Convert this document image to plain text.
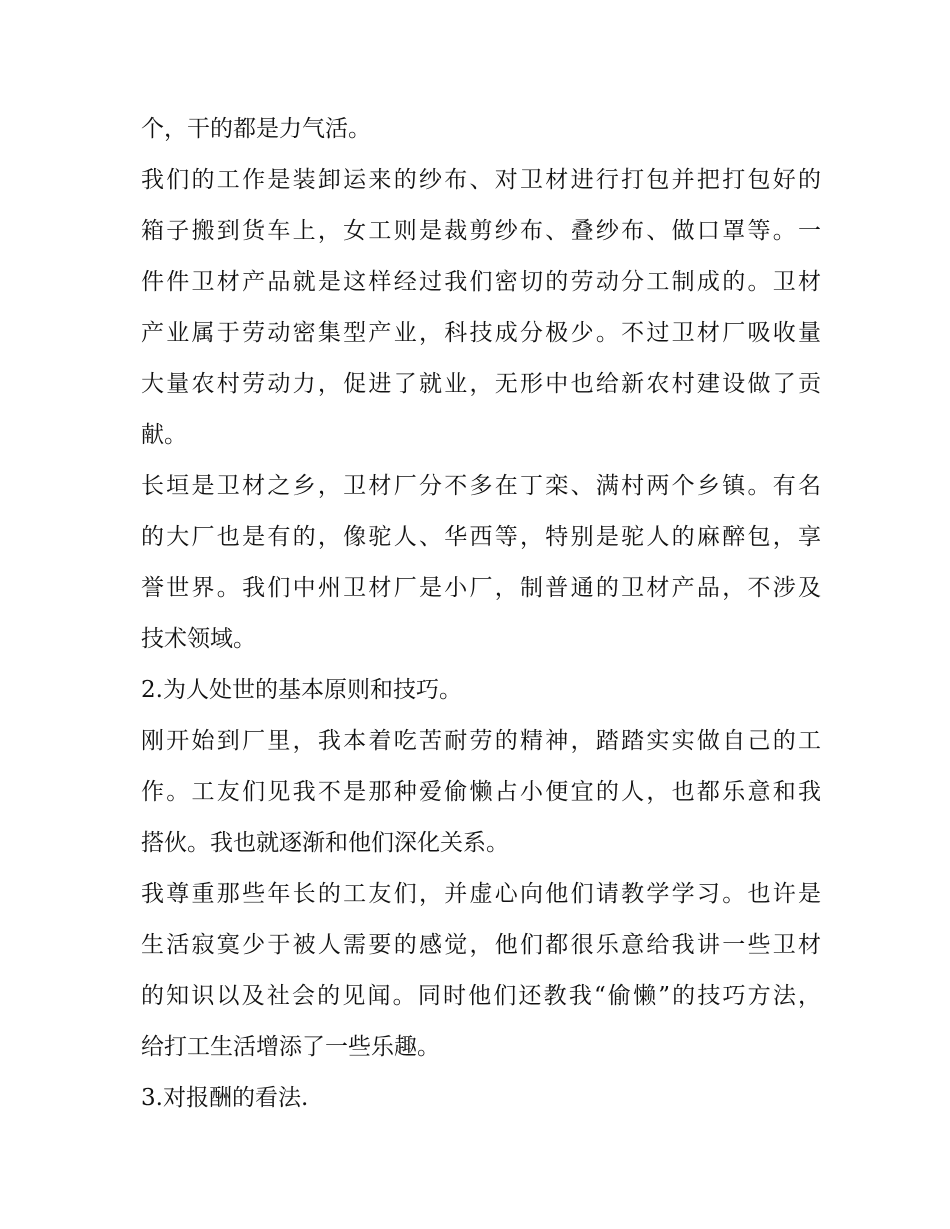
个，干的都是力气活。

我们的工作是装卸运来的纱布、对卫材进行打包并把打包好的

箱子搬到货车上，女工则是裁剪纱布、叠纱布、做口罩等。一

件件卫材产品就是这样经过我们密切的劳动分工制成的。卫材

产业属于劳动密集型产业，科技成分极少。不过卫材厂吸收量

大量农村劳动力，促进了就业，无形中也给新农村建设做了贡

献。

长垣是卫材之乡，卫材厂分不多在丁栾、满村两个乡镇。有名

的大厂也是有的，像驼人、华西等，特别是驼人的麻醉包，享

誉世界。我们中州卫材厂是小厂，制普通的卫材产品，不涉及

技术领域。

2.为人处世的基本原则和技巧。

刚开始到厂里，我本着吃苦耐劳的精神，踏踏实实做自己的工

作。工友们见我不是那种爱偷懒占小便宜的人，也都乐意和我

搭伙。我也就逐渐和他们深化关系。

我尊重那些年长的工友们，并虚心向他们请教学学习。也许是

生活寂寞少于被人需要的感觉，他们都很乐意给我讲一些卫材

的知识以及社会的见闻。同时他们还教我“偷懒”的技巧方法，

给打工生活增添了一些乐趣。

3.对报酬的看法.
